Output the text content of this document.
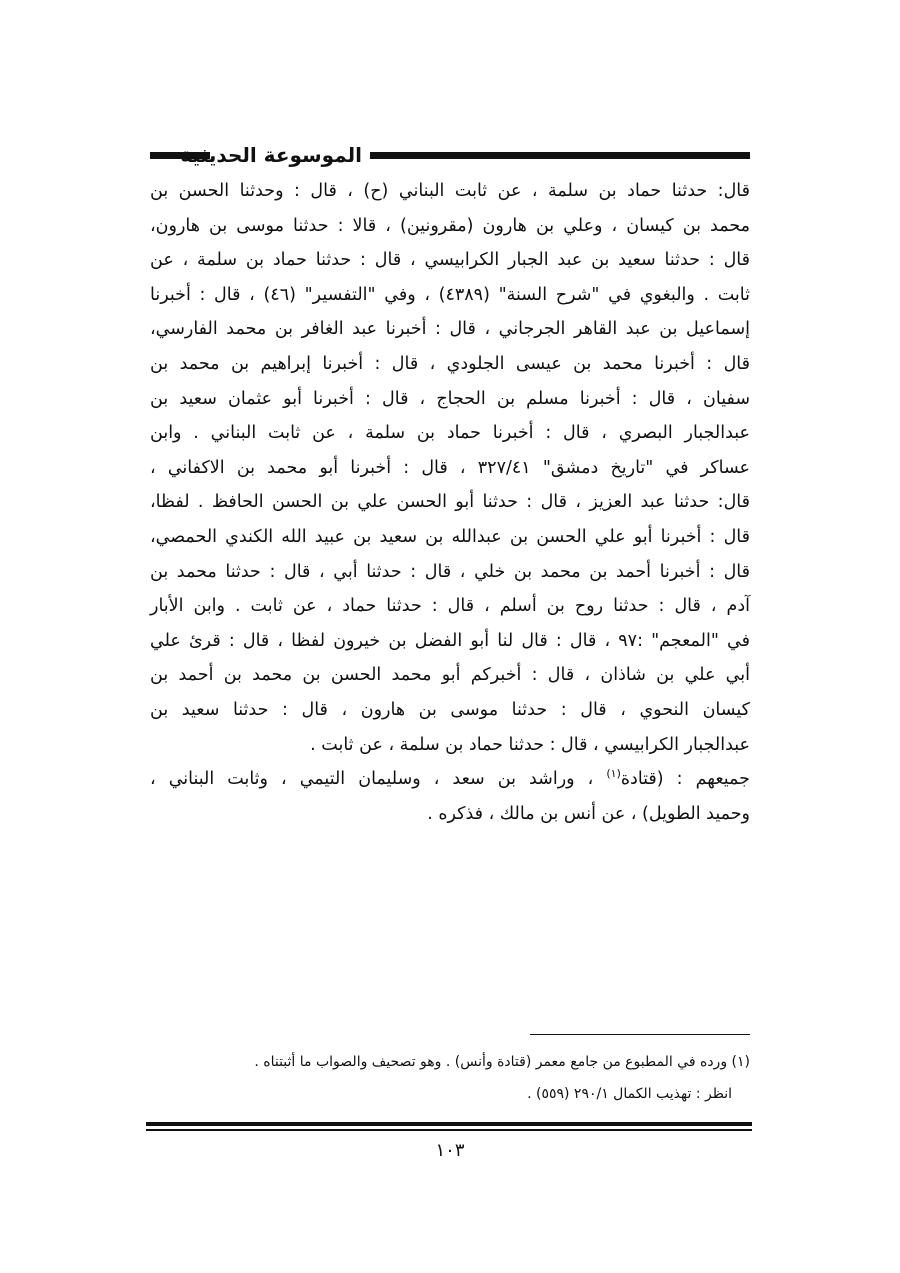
الموسوعة الحديثية
قال: حدثنا حماد بن سلمة ، عن ثابت البناني (ح) ، قال : وحدثنا الحسن بن
محمد بن كيسان ، وعلي بن هارون (مقرونين) ، قالا : حدثنا موسى بن هارون،
قال : حدثنا سعيد بن عبد الجبار الكرابيسي ، قال : حدثنا حماد بن سلمة ، عن
ثابت . والبغوي في "شرح السنة" (٤٣٨٩) ، وفي "التفسير" (٤٦) ، قال : أخبرنا
إسماعيل بن عبد القاهر الجرجاني ، قال : أخبرنا عبد الغافر بن محمد الفارسي،
قال : أخبرنا محمد بن عيسى الجلودي ، قال : أخبرنا إبراهيم بن محمد بن
سفيان ، قال : أخبرنا مسلم بن الحجاج ، قال : أخبرنا أبو عثمان سعيد بن
عبدالجبار البصري ، قال : أخبرنا حماد بن سلمة ، عن ثابت البناني . وابن
عساكر في "تاريخ دمشق" ٣٢٧/٤١ ، قال : أخبرنا أبو محمد بن الاكفاني ،
قال: حدثنا عبد العزيز ، قال : حدثنا أبو الحسن علي بن الحسن الحافظ . لفظا،
قال : أخبرنا أبو علي الحسن بن عبدالله بن سعيد بن عبيد الله الكندي الحمصي،
قال : أخبرنا أحمد بن محمد بن خلي ، قال : حدثنا أبي ، قال : حدثنا محمد بن
آدم ، قال : حدثنا روح بن أسلم ، قال : حدثنا حماد ، عن ثابت . وابن الأبار
في "المعجم" :٩٧ ، قال : قال لنا أبو الفضل بن خيرون لفظا ، قال : قرئ علي
أبي علي بن شاذان ، قال : أخبركم أبو محمد الحسن بن محمد بن أحمد بن
كيسان النحوي ، قال : حدثنا موسى بن هارون ، قال : حدثنا سعيد بن
عبدالجبار الكرابيسي ، قال : حدثنا حماد بن سلمة ، عن ثابت .
جميعهم : (قتادة$^{(١)}$ ، وراشد بن سعد ، وسليمان التيمي ، وثابت البناني ،
وحميد الطويل) ، عن أنس بن مالك ، فذكره .
(١) ورده في المطبوع من جامع معمر (قتادة وأنس) . وهو تصحيف والصواب ما أثبتناه .
انظر : تهذيب الكمال ٢٩٠/١ (٥٥٩) .
١٠٣
